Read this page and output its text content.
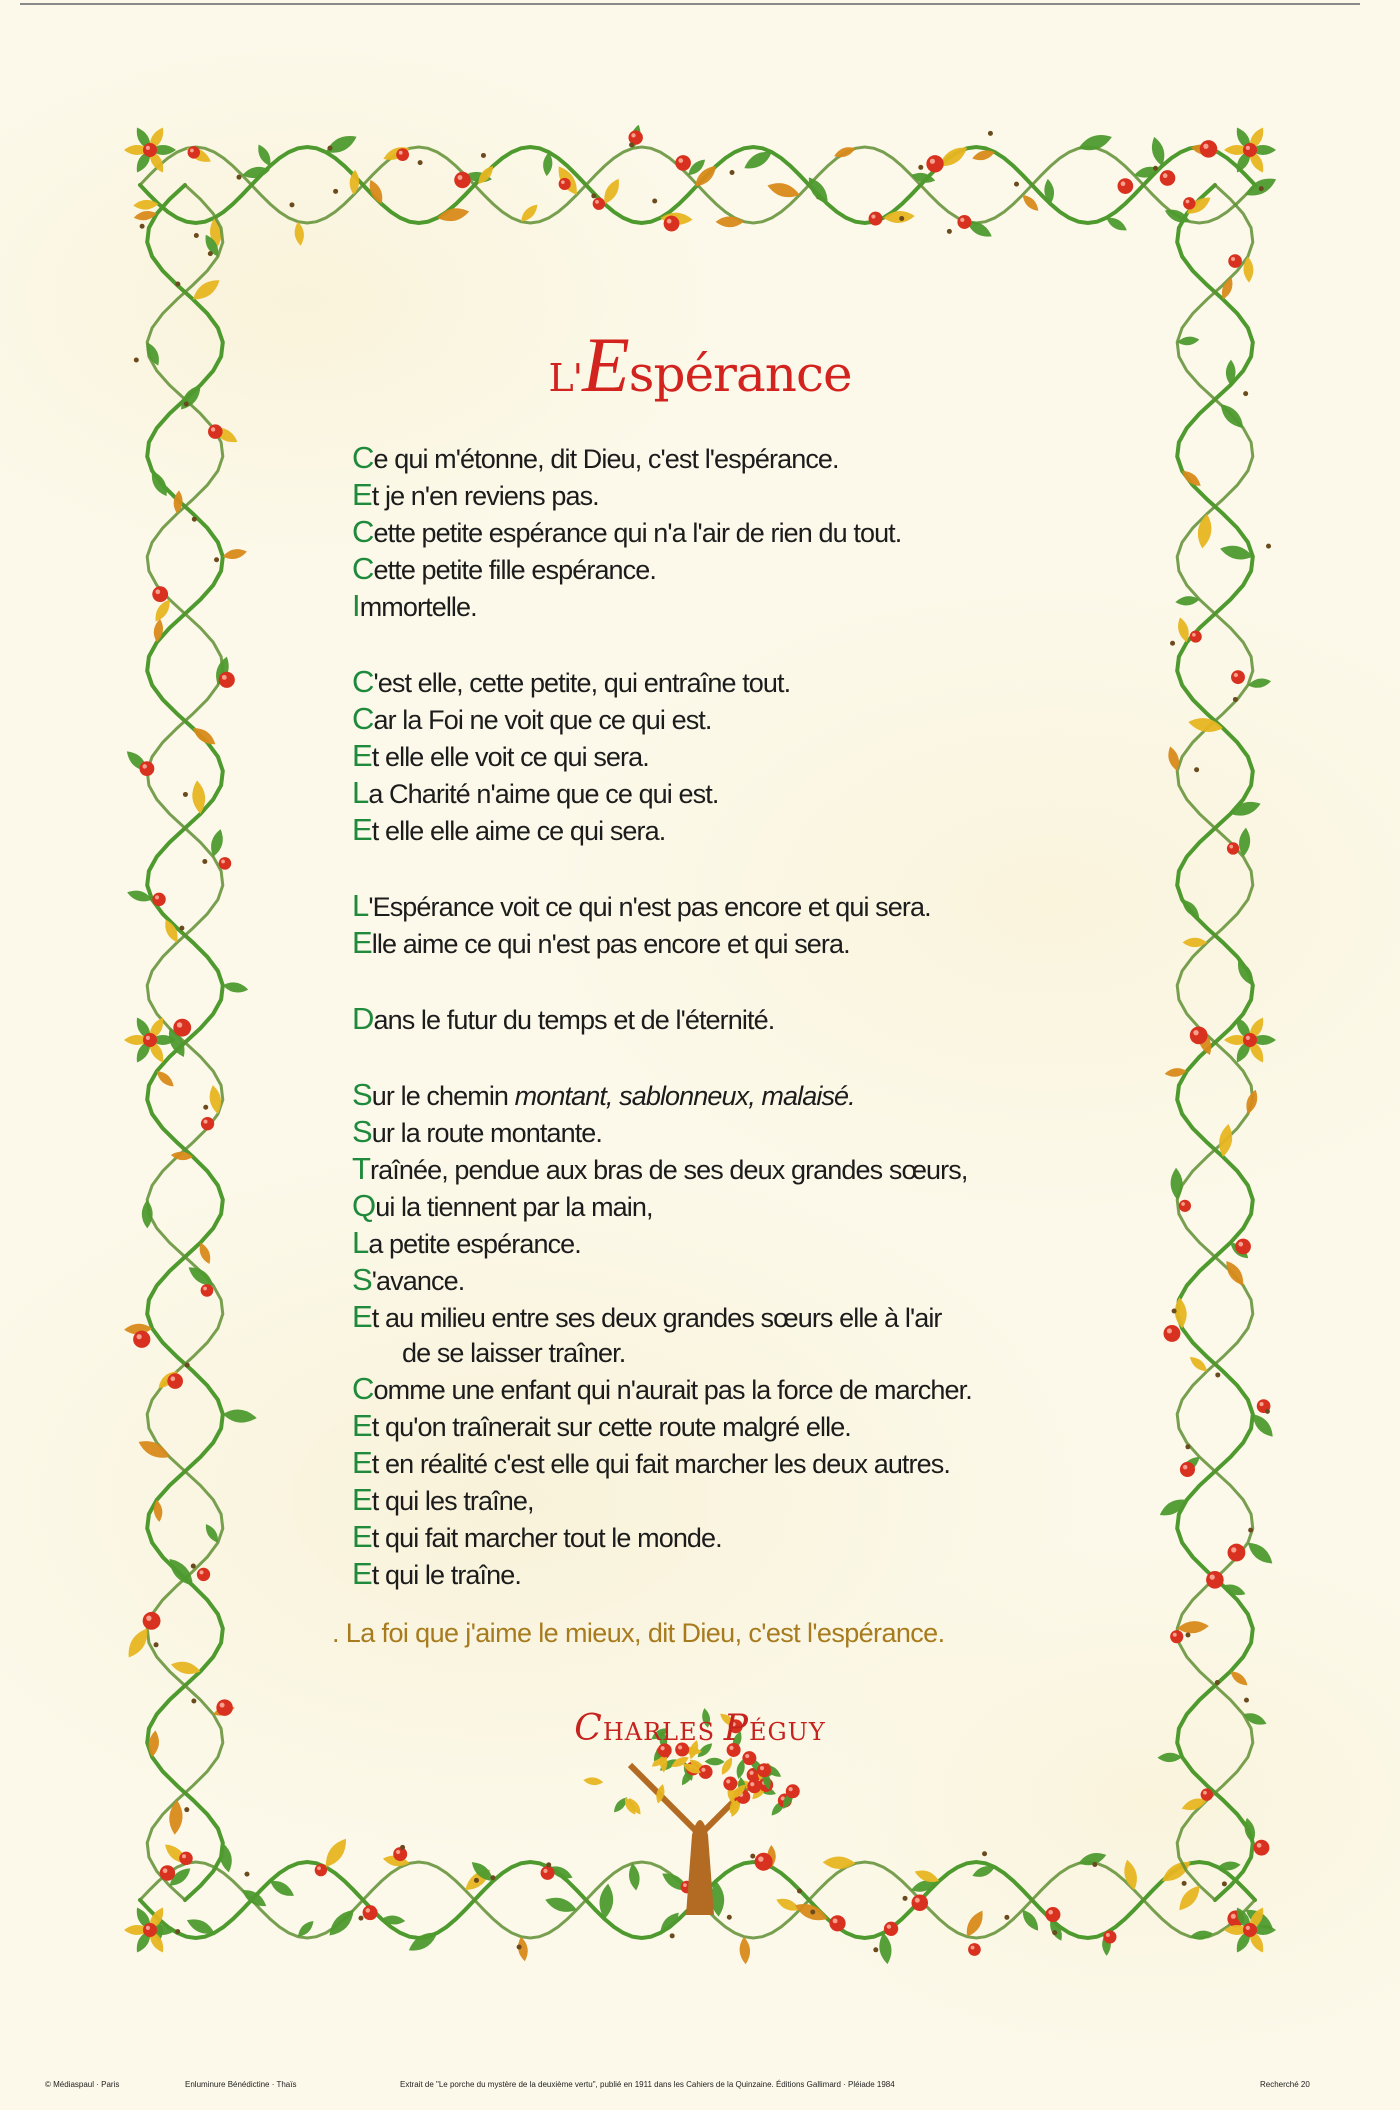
L'Espérance
Ce qui m'étonne, dit Dieu, c'est l'espérance.
Et je n'en reviens pas.
Cette petite espérance qui n'a l'air de rien du tout.
Cette petite fille espérance.
Immortelle.
C'est elle, cette petite, qui entraîne tout.
Car la Foi ne voit que ce qui est.
Et elle elle voit ce qui sera.
La Charité n'aime que ce qui est.
Et elle elle aime ce qui sera.
L'Espérance voit ce qui n'est pas encore et qui sera.
Elle aime ce qui n'est pas encore et qui sera.
Dans le futur du temps et de l'éternité.
Sur le chemin montant, sablonneux, malaisé.
Sur la route montante.
Traînée, pendue aux bras de ses deux grandes sœurs,
Qui la tiennent par la main,
La petite espérance.
S'avance.
Et au milieu entre ses deux grandes sœurs elle à l'air
de se laisser traîner.
Comme une enfant qui n'aurait pas la force de marcher.
Et qu'on traînerait sur cette route malgré elle.
Et en réalité c'est elle qui fait marcher les deux autres.
Et qui les traîne,
Et qui fait marcher tout le monde.
Et qui le traîne.
. La foi que j'aime le mieux, dit Dieu, c'est l'espérance.
CHARLES PÉGUY
© Médiaspaul · Paris	Enluminure Bénédictine · Thaïs	Extrait de "Le porche du mystère de la deuxième vertu", publié en 1911 dans les Cahiers de la Quinzaine. Éditions Gallimard · Pléiade 1984	Recherché 20
